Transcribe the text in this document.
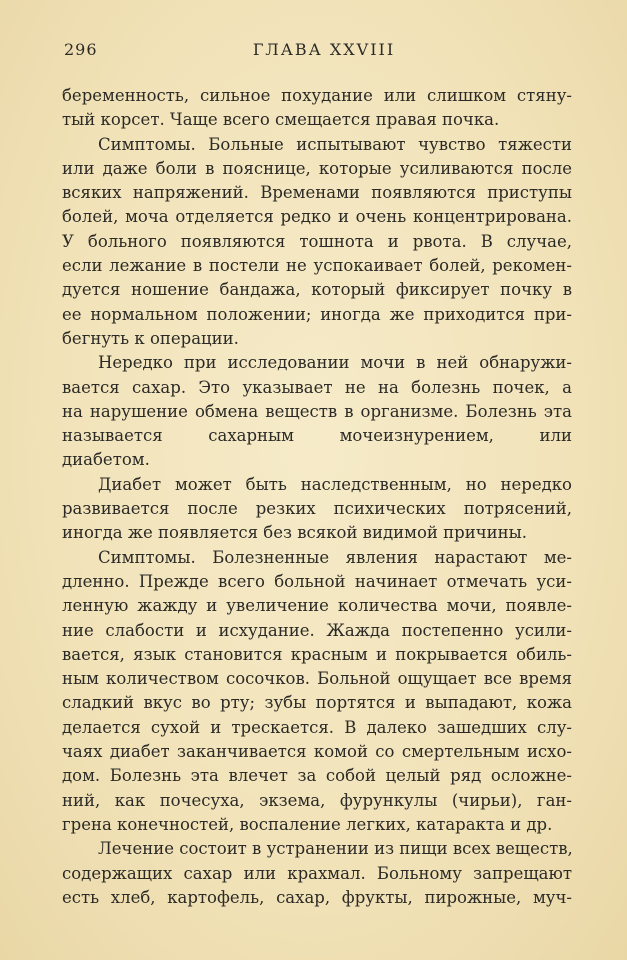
296	ГЛАВА XXVIII
беременность, сильное похудание или слишком стяну-
тый корсет. Чаще всего смещается правая почка.
Симптомы. Больные испытывают чувство тяжести
или даже боли в пояснице, которые усиливаются после
всяких напряжений. Временами появляются приступы
болей, моча отделяется редко и очень концентрирована.
У больного появляются тошнота и рвота. В случае,
если лежание в постели не успокаивает болей, рекомен-
дуется ношение бандажа, который фиксирует почку в
ее нормальном положении; иногда же приходится при-
бегнуть к операции.
Нередко при исследовании мочи в ней обнаружи-
вается сахар. Это указывает не на болезнь почек, а
на нарушение обмена веществ в организме. Болезнь эта
называется сахарным мочеизнурением, или
диабетом.
Диабет может быть наследственным, но нередко
развивается после резких психических потрясений,
иногда же появляется без всякой видимой причины.
Симптомы. Болезненные явления нарастают ме-
дленно. Прежде всего больной начинает отмечать уси-
ленную жажду и увеличение количества мочи, появле-
ние слабости и исхудание. Жажда постепенно усили-
вается, язык становится красным и покрывается обиль-
ным количеством сосочков. Больной ощущает все время
сладкий вкус во рту; зубы портятся и выпадают, кожа
делается сухой и трескается. В далеко зашедших слу-
чаях диабет заканчивается комой со смертельным исхо-
дом. Болезнь эта влечет за собой целый ряд осложне-
ний, как почесуха, экзема, фурункулы (чирьи), ган-
грена конечностей, воспаление легких, катаракта и др.
Лечение состоит в устранении из пищи всех веществ,
содержащих сахар или крахмал. Больному запрещают
есть хлеб, картофель, сахар, фрукты, пирожные, муч-
